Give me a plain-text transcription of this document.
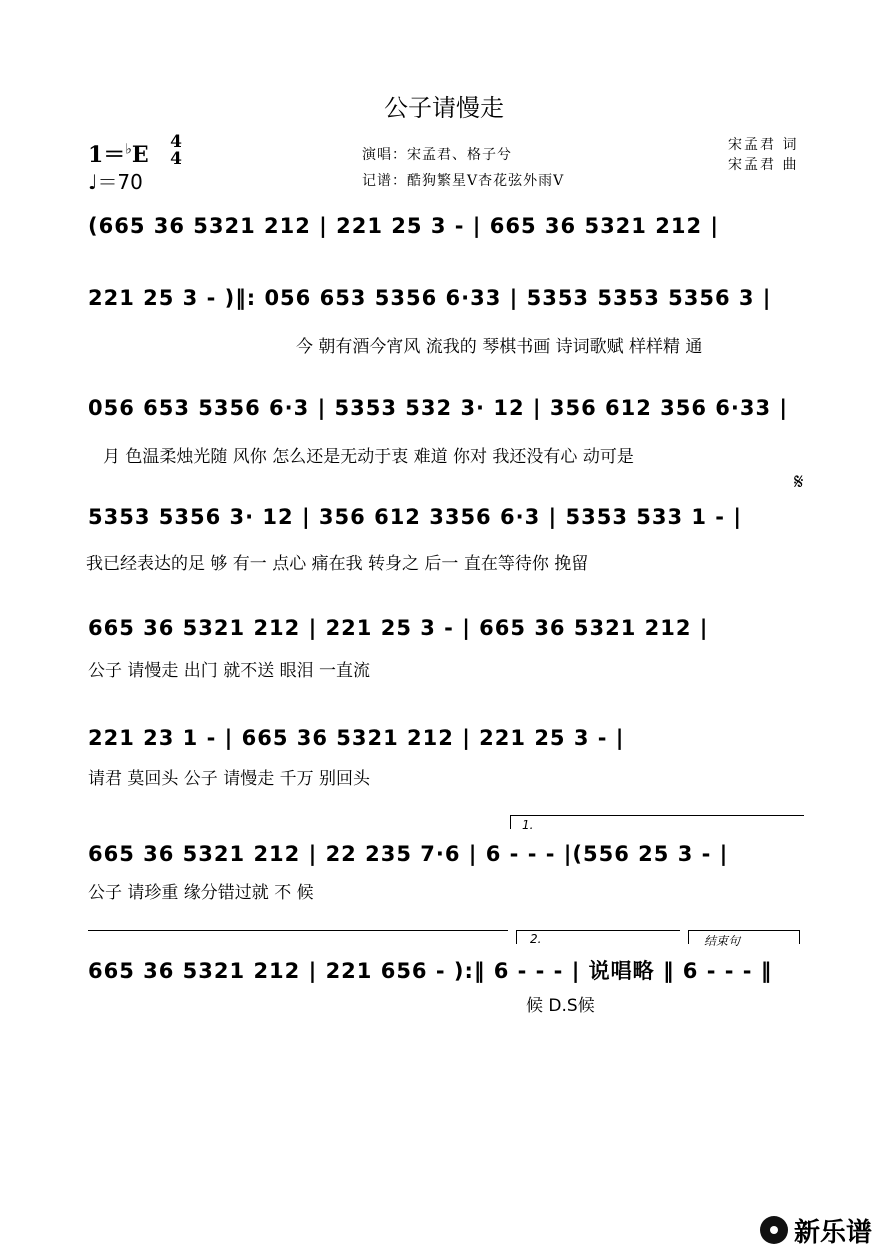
公子请慢走
1＝♭E 4
4
♩＝70
演唱：宋孟君、格子兮
记谱：酷狗繁星V杏花弦外雨V
宋孟君 词
宋孟君 曲
(665 36 5321 212 | 221 25 3 - | 665 36 5321 212 |
221 25 3 - )‖: 056 653 5356 6·33 | 5353 5353 5356 3 |
今 朝有酒今宵风 流我的 琴棋书画 诗词歌赋 样样精 通
056 653 5356 6·3 | 5353 532 3· 12 | 356 612 356 6·33 |
月 色温柔烛光随 风你 怎么还是无动于衷 难道 你对 我还没有心 动可是
𝄋
5353 5356 3· 12 | 356 612 3356 6·3 | 5353 533 1 - |
我已经表达的足 够 有一 点心 痛在我 转身之 后一 直在等待你 挽留
665 36 5321 212 | 221 25 3 - | 665 36 5321 212 |
公子 请慢走 出门 就不送 眼泪 一直流
221 23 1 - | 665 36 5321 212 | 221 25 3 - |
请君 莫回头 公子 请慢走 千万 别回头
1.
665 36 5321 212 | 22 235 7·6 | 6 - - - |(556 25 3 - |
公子 请珍重 缘分错过就 不 候
2.	结束句
665 36 5321 212 | 221 656 - ):‖ 6 - - - | 说唱略 ‖ 6 - - - ‖
候 D.S候
新乐谱
